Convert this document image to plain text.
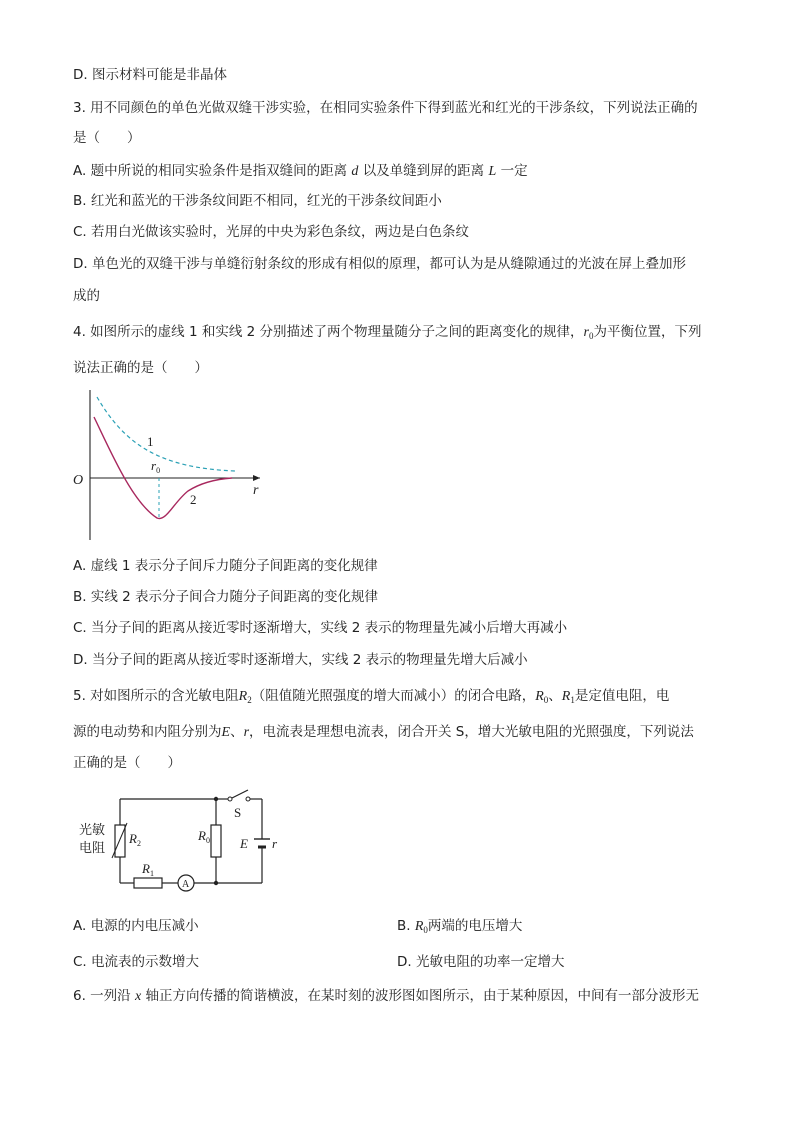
D. 图示材料可能是非晶体
3. 用不同颜色的单色光做双缝干涉实验，在相同实验条件下得到蓝光和红光的干涉条纹，下列说法正确的
是（　　）
A. 题中所说的相同实验条件是指双缝间的距离 d 以及单缝到屏的距离 L 一定
B. 红光和蓝光的干涉条纹间距不相同，红光的干涉条纹间距小
C. 若用白光做该实验时，光屏的中央为彩色条纹，两边是白色条纹
D. 单色光的双缝干涉与单缝衍射条纹的形成有相似的原理，都可认为是从缝隙通过的光波在屏上叠加形
成的
4. 如图所示的虚线 1 和实线 2 分别描述了两个物理量随分子之间的距离变化的规律，$r_0$为平衡位置，下列
说法正确的是（　　）
O
r
1
2
$r_0$
A. 虚线 1 表示分子间斥力随分子间距离的变化规律
B. 实线 2 表示分子间合力随分子间距离的变化规律
C. 当分子间的距离从接近零时逐渐增大，实线 2 表示的物理量先减小后增大再减小
D. 当分子间的距离从接近零时逐渐增大，实线 2 表示的物理量先增大后减小
5. 对如图所示的含光敏电阻$R_2$（阻值随光照强度的增大而减小）的闭合电路，$R_0$、$R_1$是定值电阻，电
源的电动势和内阻分别为E、r，电流表是理想电流表，闭合开关 S，增大光敏电阻的光照强度，下列说法
正确的是（　　）
A
光敏
电阻
$R_2$
$R_0$
$R_1$
S
E r
A. 电源的内电压减小	B. $R_0$两端的电压增大
C. 电流表的示数增大	D. 光敏电阻的功率一定增大
6. 一列沿 x 轴正方向传播的简谐横波，在某时刻的波形图如图所示，由于某种原因，中间有一部分波形无
